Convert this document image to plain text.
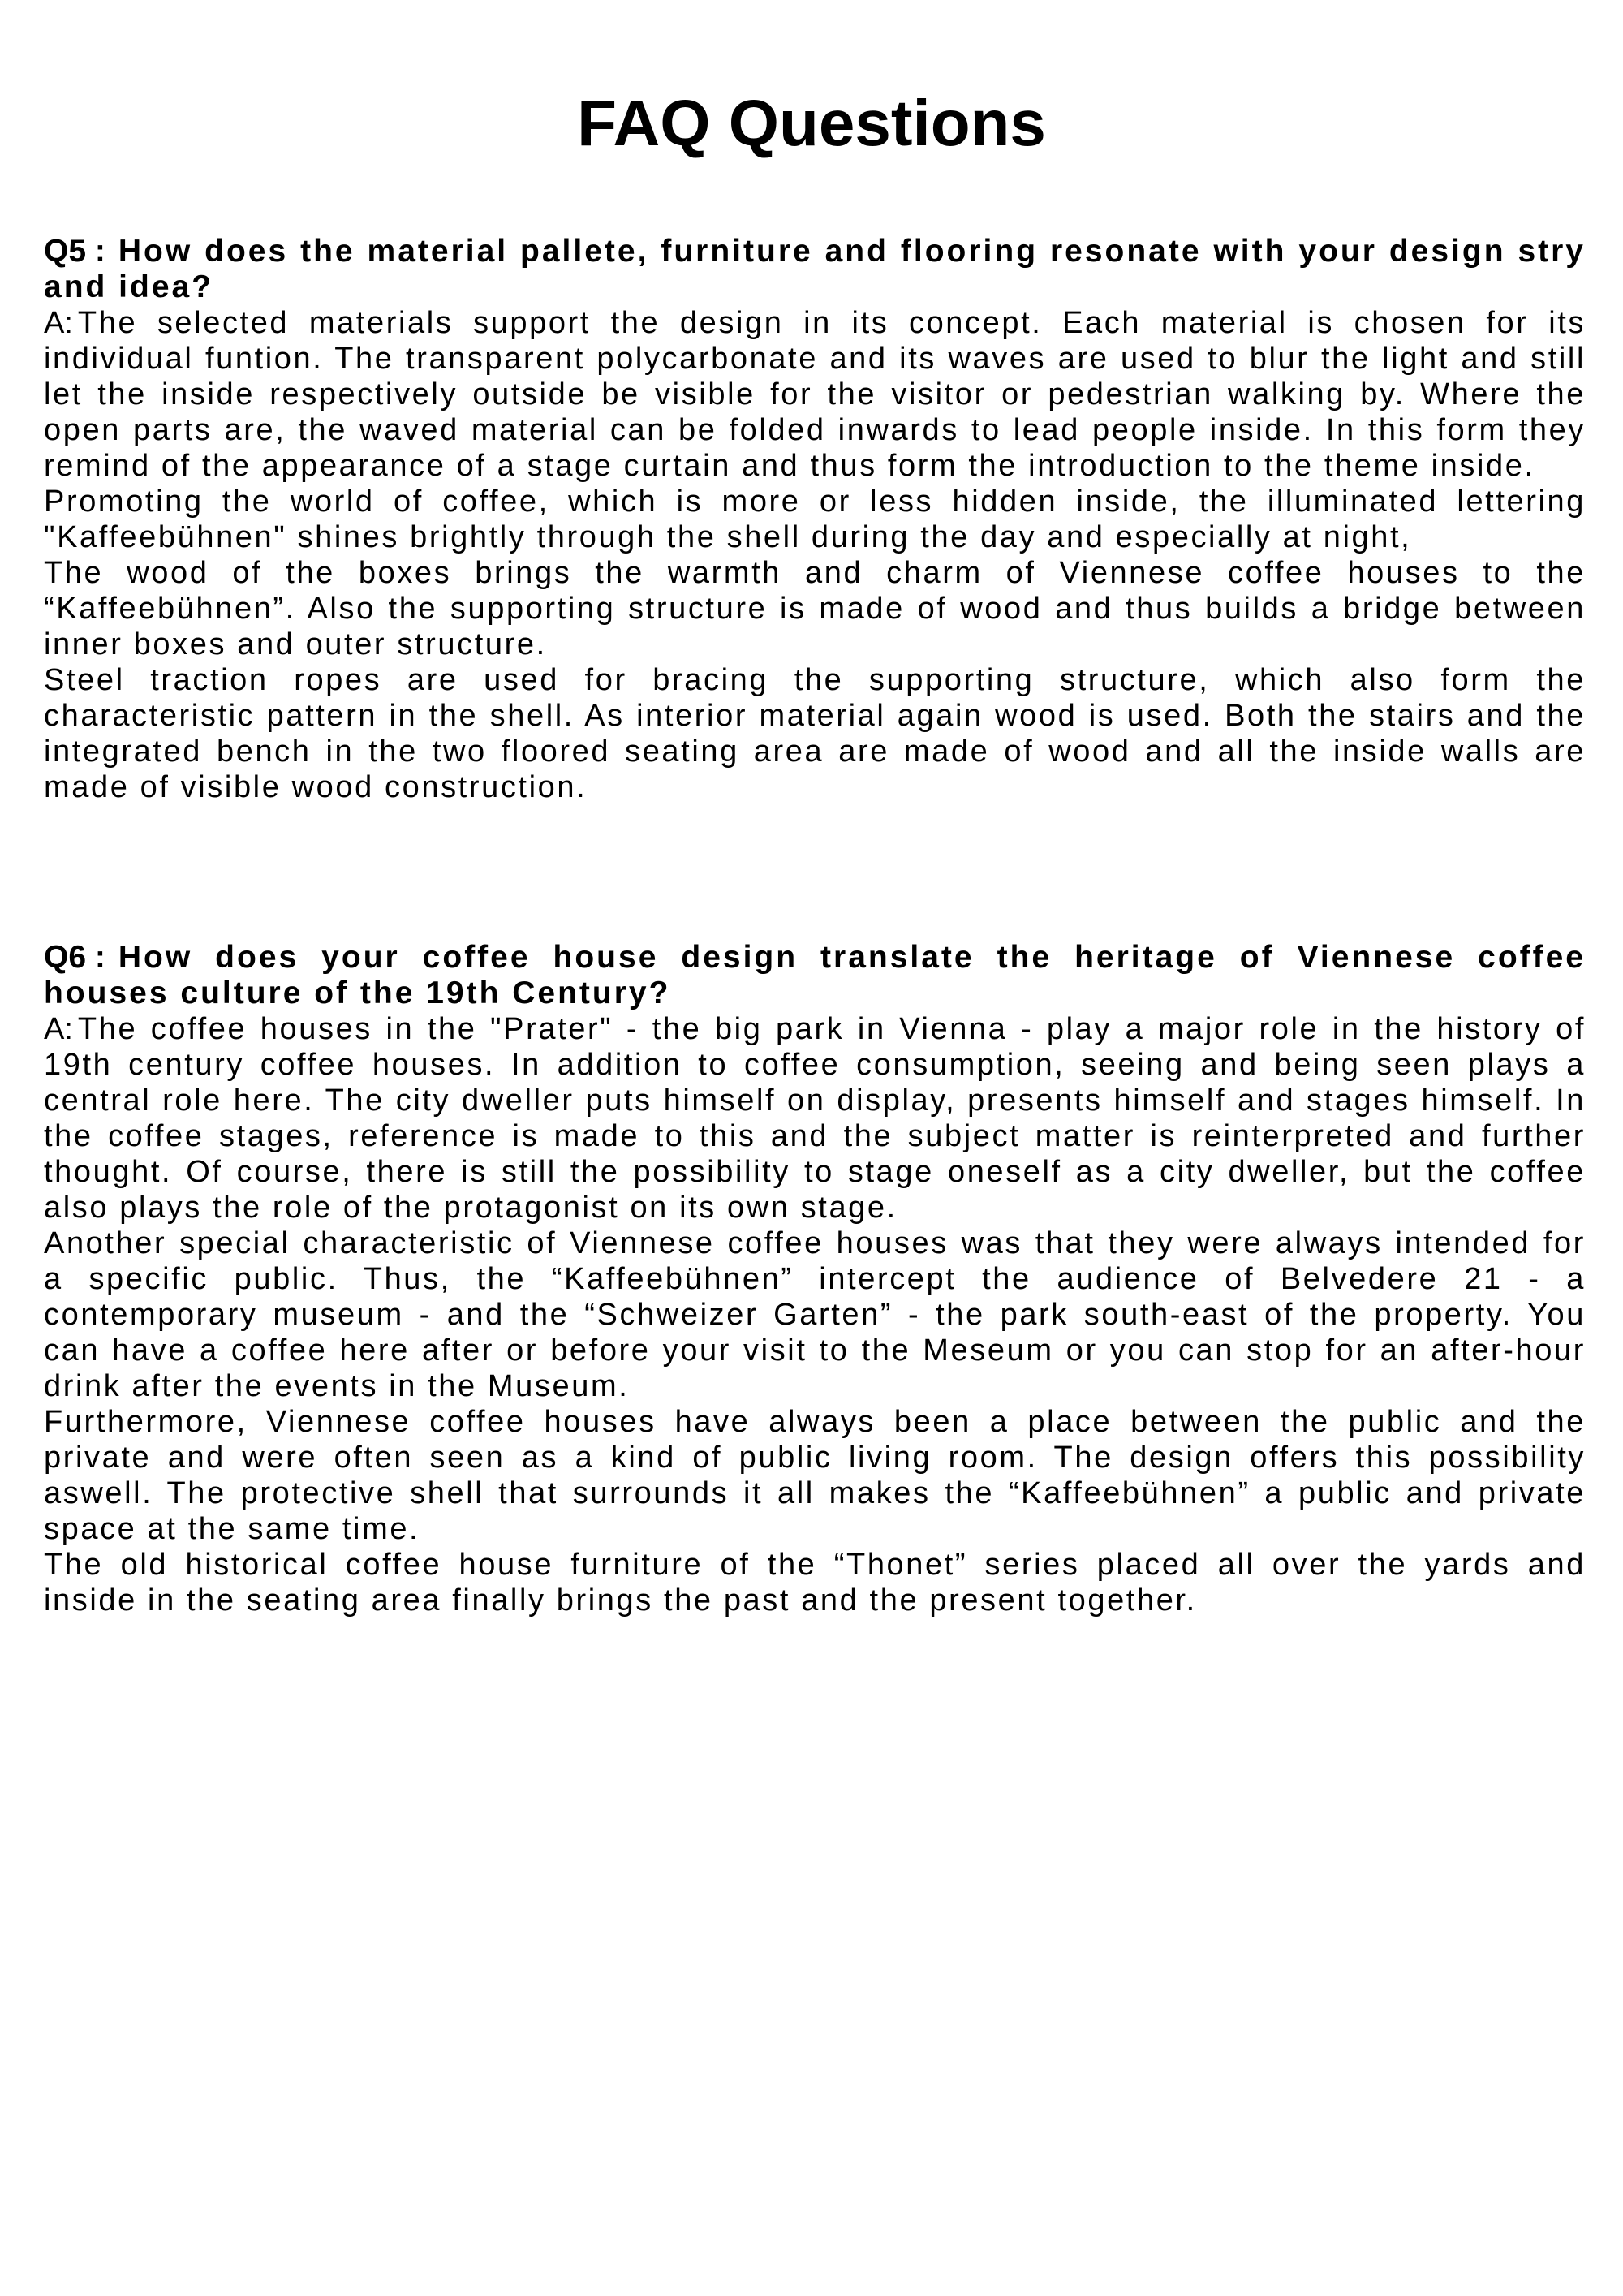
FAQ Questions

Q5 : How does the material pallete, furniture and flooring resonate with your design stry and idea?

A: The selected materials support the design in its concept. Each material is chosen for its individual funtion. The transparent polycarbonate and its waves are used to blur the light and still let the inside respectively outside be visible for the visitor or pedestrian walking by. Where the open parts are, the waved material can be folded inwards to lead people inside. In this form they remind of the appearance of a stage curtain and thus form the introduction to the theme inside.

Promoting the world of coffee, which is more or less hidden inside, the illuminated lettering "Kaffeebühnen" shines brightly through the shell during the day and especially at night,

The wood of the boxes brings the warmth and charm of Viennese coffee houses to the “Kaffeebühnen”. Also the supporting structure is made of wood and thus builds a bridge between inner boxes and outer structure.

Steel traction ropes are used for bracing the supporting structure, which also form the characteristic pattern in the shell. As interior material again wood is used. Both the stairs and the integrated bench in the two floored seating area are made of wood and all the inside walls are made of visible wood construction.

Q6 : How does your coffee house design translate the heritage of Viennese coffee houses culture of the 19th Century?

A: The coffee houses in the "Prater" - the big park in Vienna - play a major role in the history of 19th century coffee houses. In addition to coffee consumption, seeing and being seen plays a central role here. The city dweller puts himself on display, presents himself and stages himself. In the coffee stages, reference is made to this and the subject matter is reinterpreted and further thought. Of course, there is still the possibility to stage oneself as a city dweller, but the coffee also plays the role of the protagonist on its own stage.

Another special characteristic of Viennese coffee houses was that they were always intended for a specific public. Thus, the “Kaffeebühnen” intercept the audience of Belvedere 21 - a contemporary museum - and the “Schweizer Garten” - the park south-east of the property. You can have a coffee here after or before your visit to the Meseum or you can stop for an after-hour drink after the events in the Museum.

Furthermore, Viennese coffee houses have always been a place between the public and the private and were often seen as a kind of public living room. The design offers this possibility aswell. The protective shell that surrounds it all makes the “Kaffeebühnen” a public and private space at the same time.

The old historical coffee house furniture of the “Thonet” series placed all over the yards and inside in the seating area finally brings the past and the present together.
